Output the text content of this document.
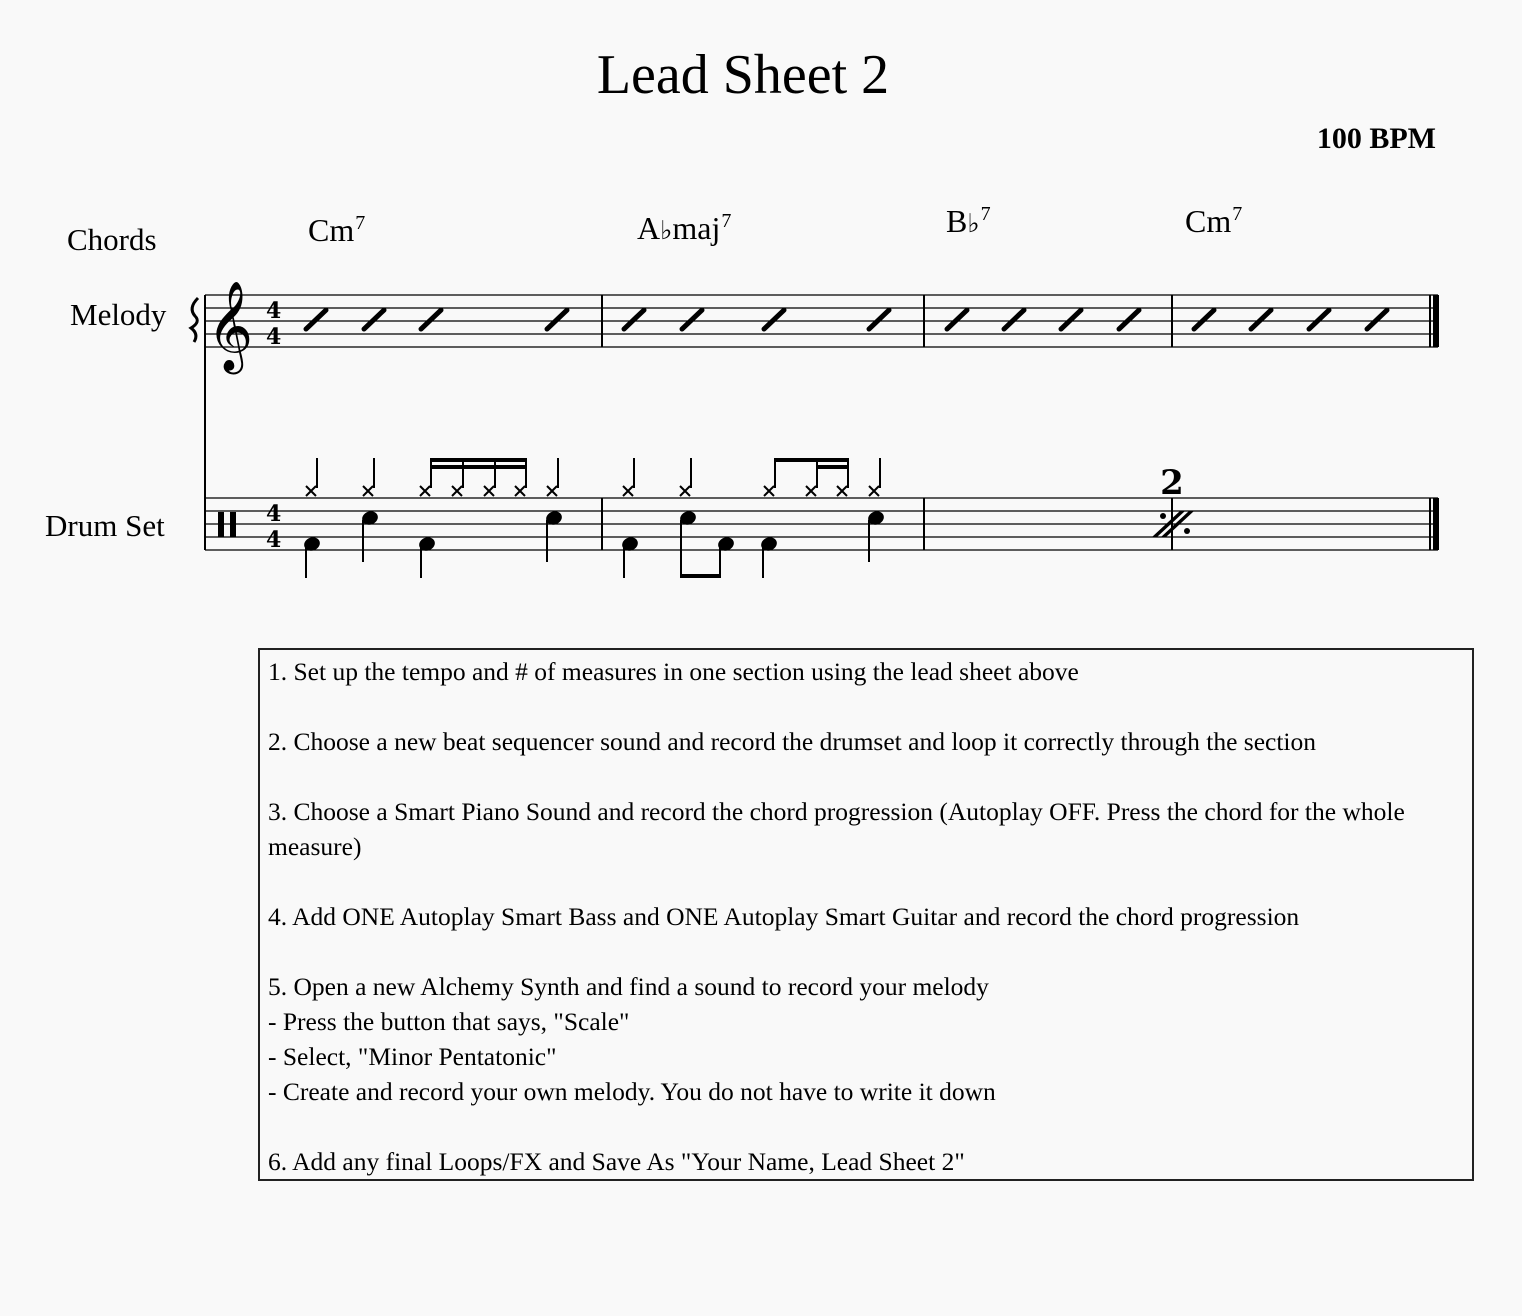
Lead Sheet 2
100 BPM
Chords
Melody
Drum Set
Cm$^7$	A♭maj$^7$	B♭$^7$	Cm$^7$
𝄞 4
4
4
4
2

1. Set up the tempo and # of measures in one section using the lead sheet above

2. Choose a new beat sequencer sound and record the drumset and loop it correctly through the section

3. Choose a Smart Piano Sound and record the chord progression (Autoplay OFF. Press the chord for the whole measure)

4. Add ONE Autoplay Smart Bass and ONE Autoplay Smart Guitar and record the chord progression

5. Open a new Alchemy Synth and find a sound to record your melody
- Press the button that says, "Scale"
- Select, "Minor Pentatonic"
- Create and record your own melody. You do not have to write it down

6. Add any final Loops/FX and Save As "Your Name, Lead Sheet 2"
